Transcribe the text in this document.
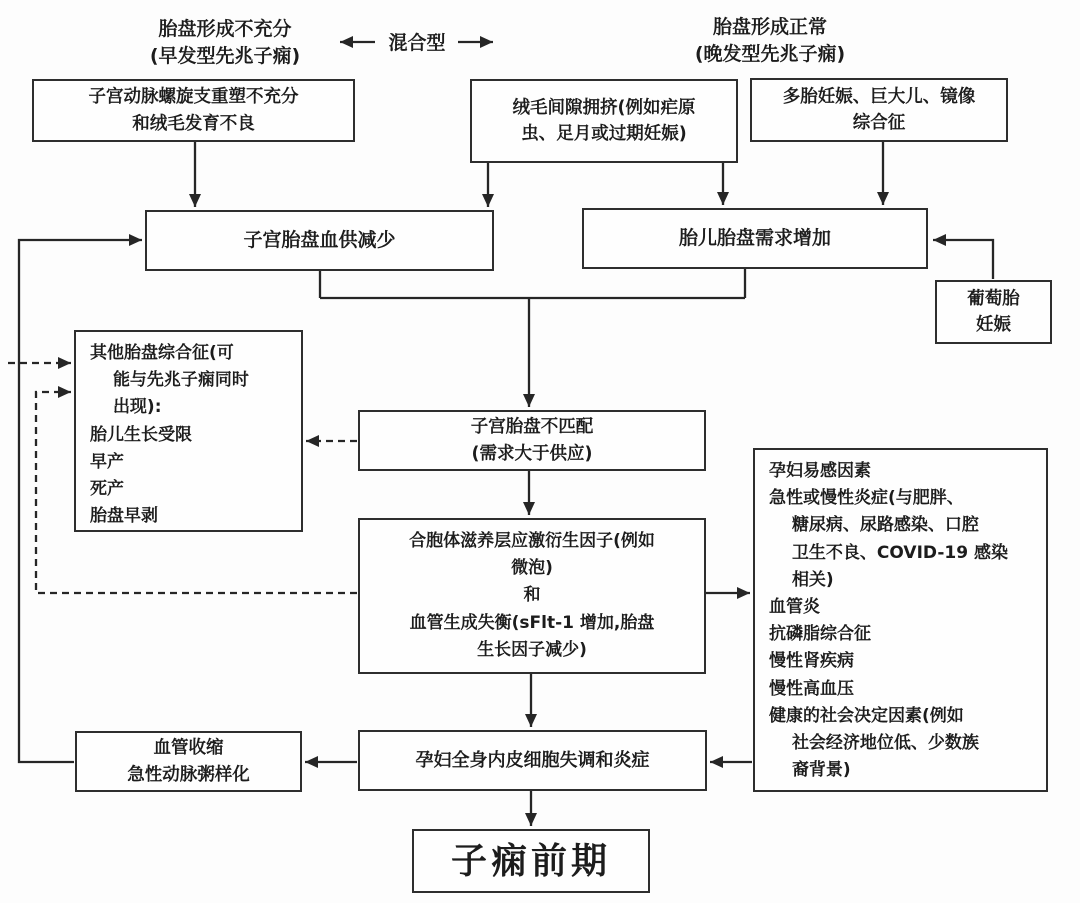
胎盘形成不充分
(早发型先兆子痫)
混合型
胎盘形成正常
(晚发型先兆子痫)
子宫动脉螺旋支重塑不充分
和绒毛发育不良
绒毛间隙拥挤(例如疟原
虫、足月或过期妊娠)
多胎妊娠、巨大儿、镜像
综合征
子宫胎盘血供减少	胎儿胎盘需求增加
葡萄胎
妊娠
其他胎盘综合征(可
能与先兆子痫同时
出现):
胎儿生长受限
早产
死产
胎盘早剥
子宫胎盘不匹配
(需求大于供应)
合胞体滋养层应激衍生因子(例如
微泡)
和
血管生成失衡(sFlt-1 增加,胎盘
生长因子减少)
孕妇易感因素
急性或慢性炎症(与肥胖、
糖尿病、尿路感染、口腔
卫生不良、COVID-19 感染
相关)
血管炎
抗磷脂综合征
慢性肾疾病
慢性高血压
健康的社会决定因素(例如
社会经济地位低、少数族
裔背景)
血管收缩
急性动脉粥样化
孕妇全身内皮细胞失调和炎症
子痫前期
